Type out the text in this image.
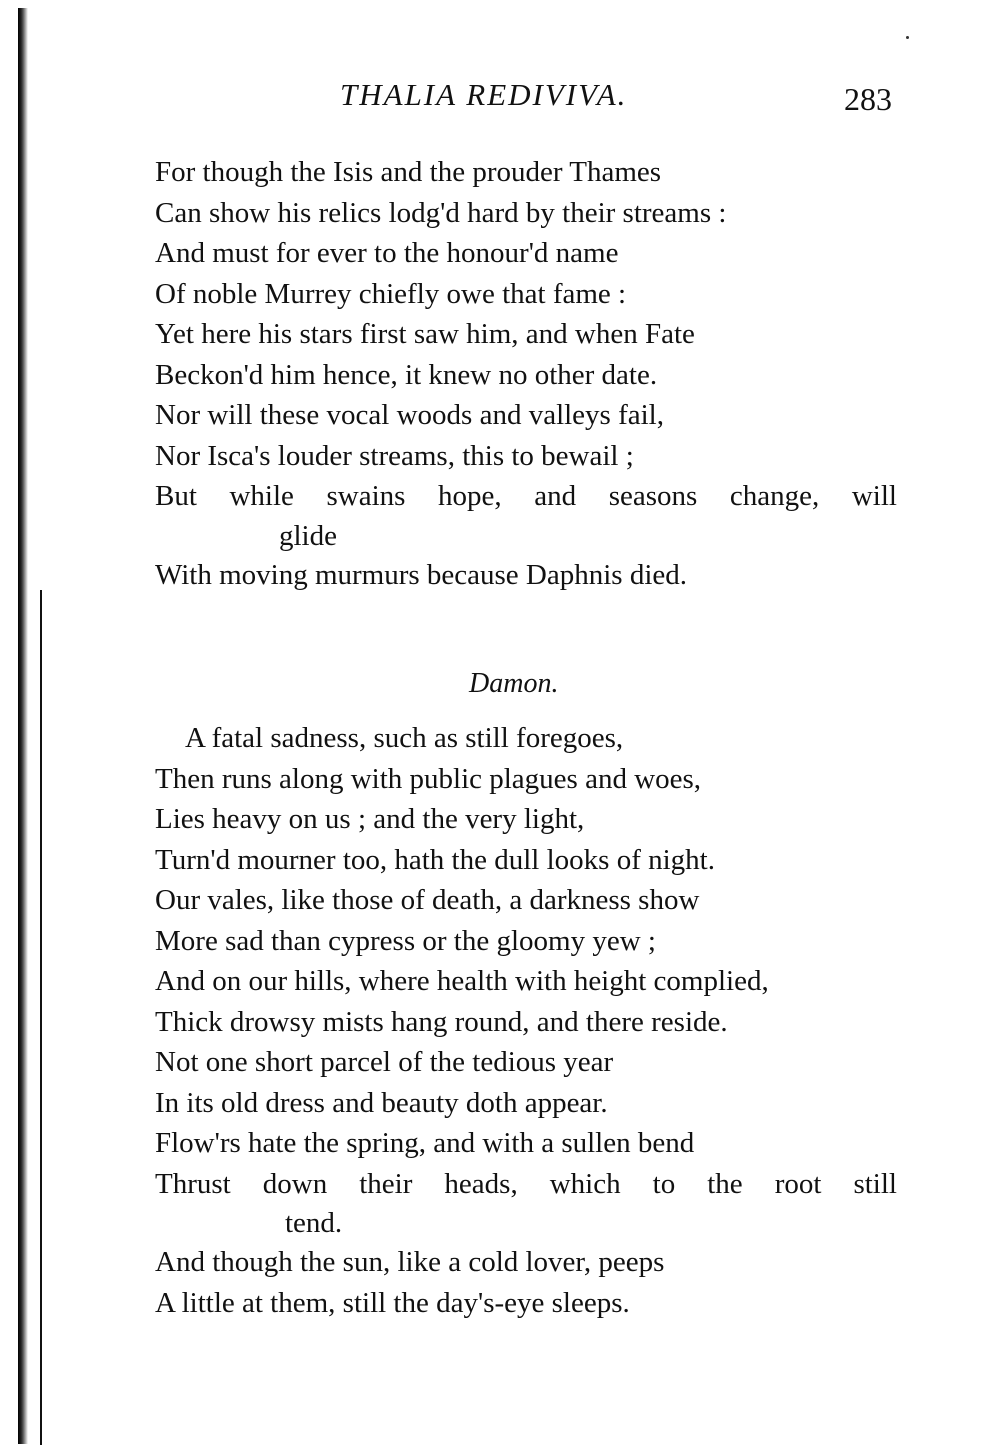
THALIA REDIVIVA.	283
For though the Isis and the prouder Thames
Can show his relics lodg'd hard by their streams :
And must for ever to the honour'd name
Of noble Murrey chiefly owe that fame :
Yet here his stars first saw him, and when Fate
Beckon'd him hence, it knew no other date.
Nor will these vocal woods and valleys fail,
Nor Isca's louder streams, this to bewail ;
But while swains hope, and seasons change, will
glide
With moving murmurs because Daphnis died.
Damon.
A fatal sadness, such as still foregoes,
Then runs along with public plagues and woes,
Lies heavy on us ; and the very light,
Turn'd mourner too, hath the dull looks of night.
Our vales, like those of death, a darkness show
More sad than cypress or the gloomy yew ;
And on our hills, where health with height complied,
Thick drowsy mists hang round, and there reside.
Not one short parcel of the tedious year
In its old dress and beauty doth appear.
Flow'rs hate the spring, and with a sullen bend
Thrust down their heads, which to the root still
tend.
And though the sun, like a cold lover, peeps
A little at them, still the day's-eye sleeps.
